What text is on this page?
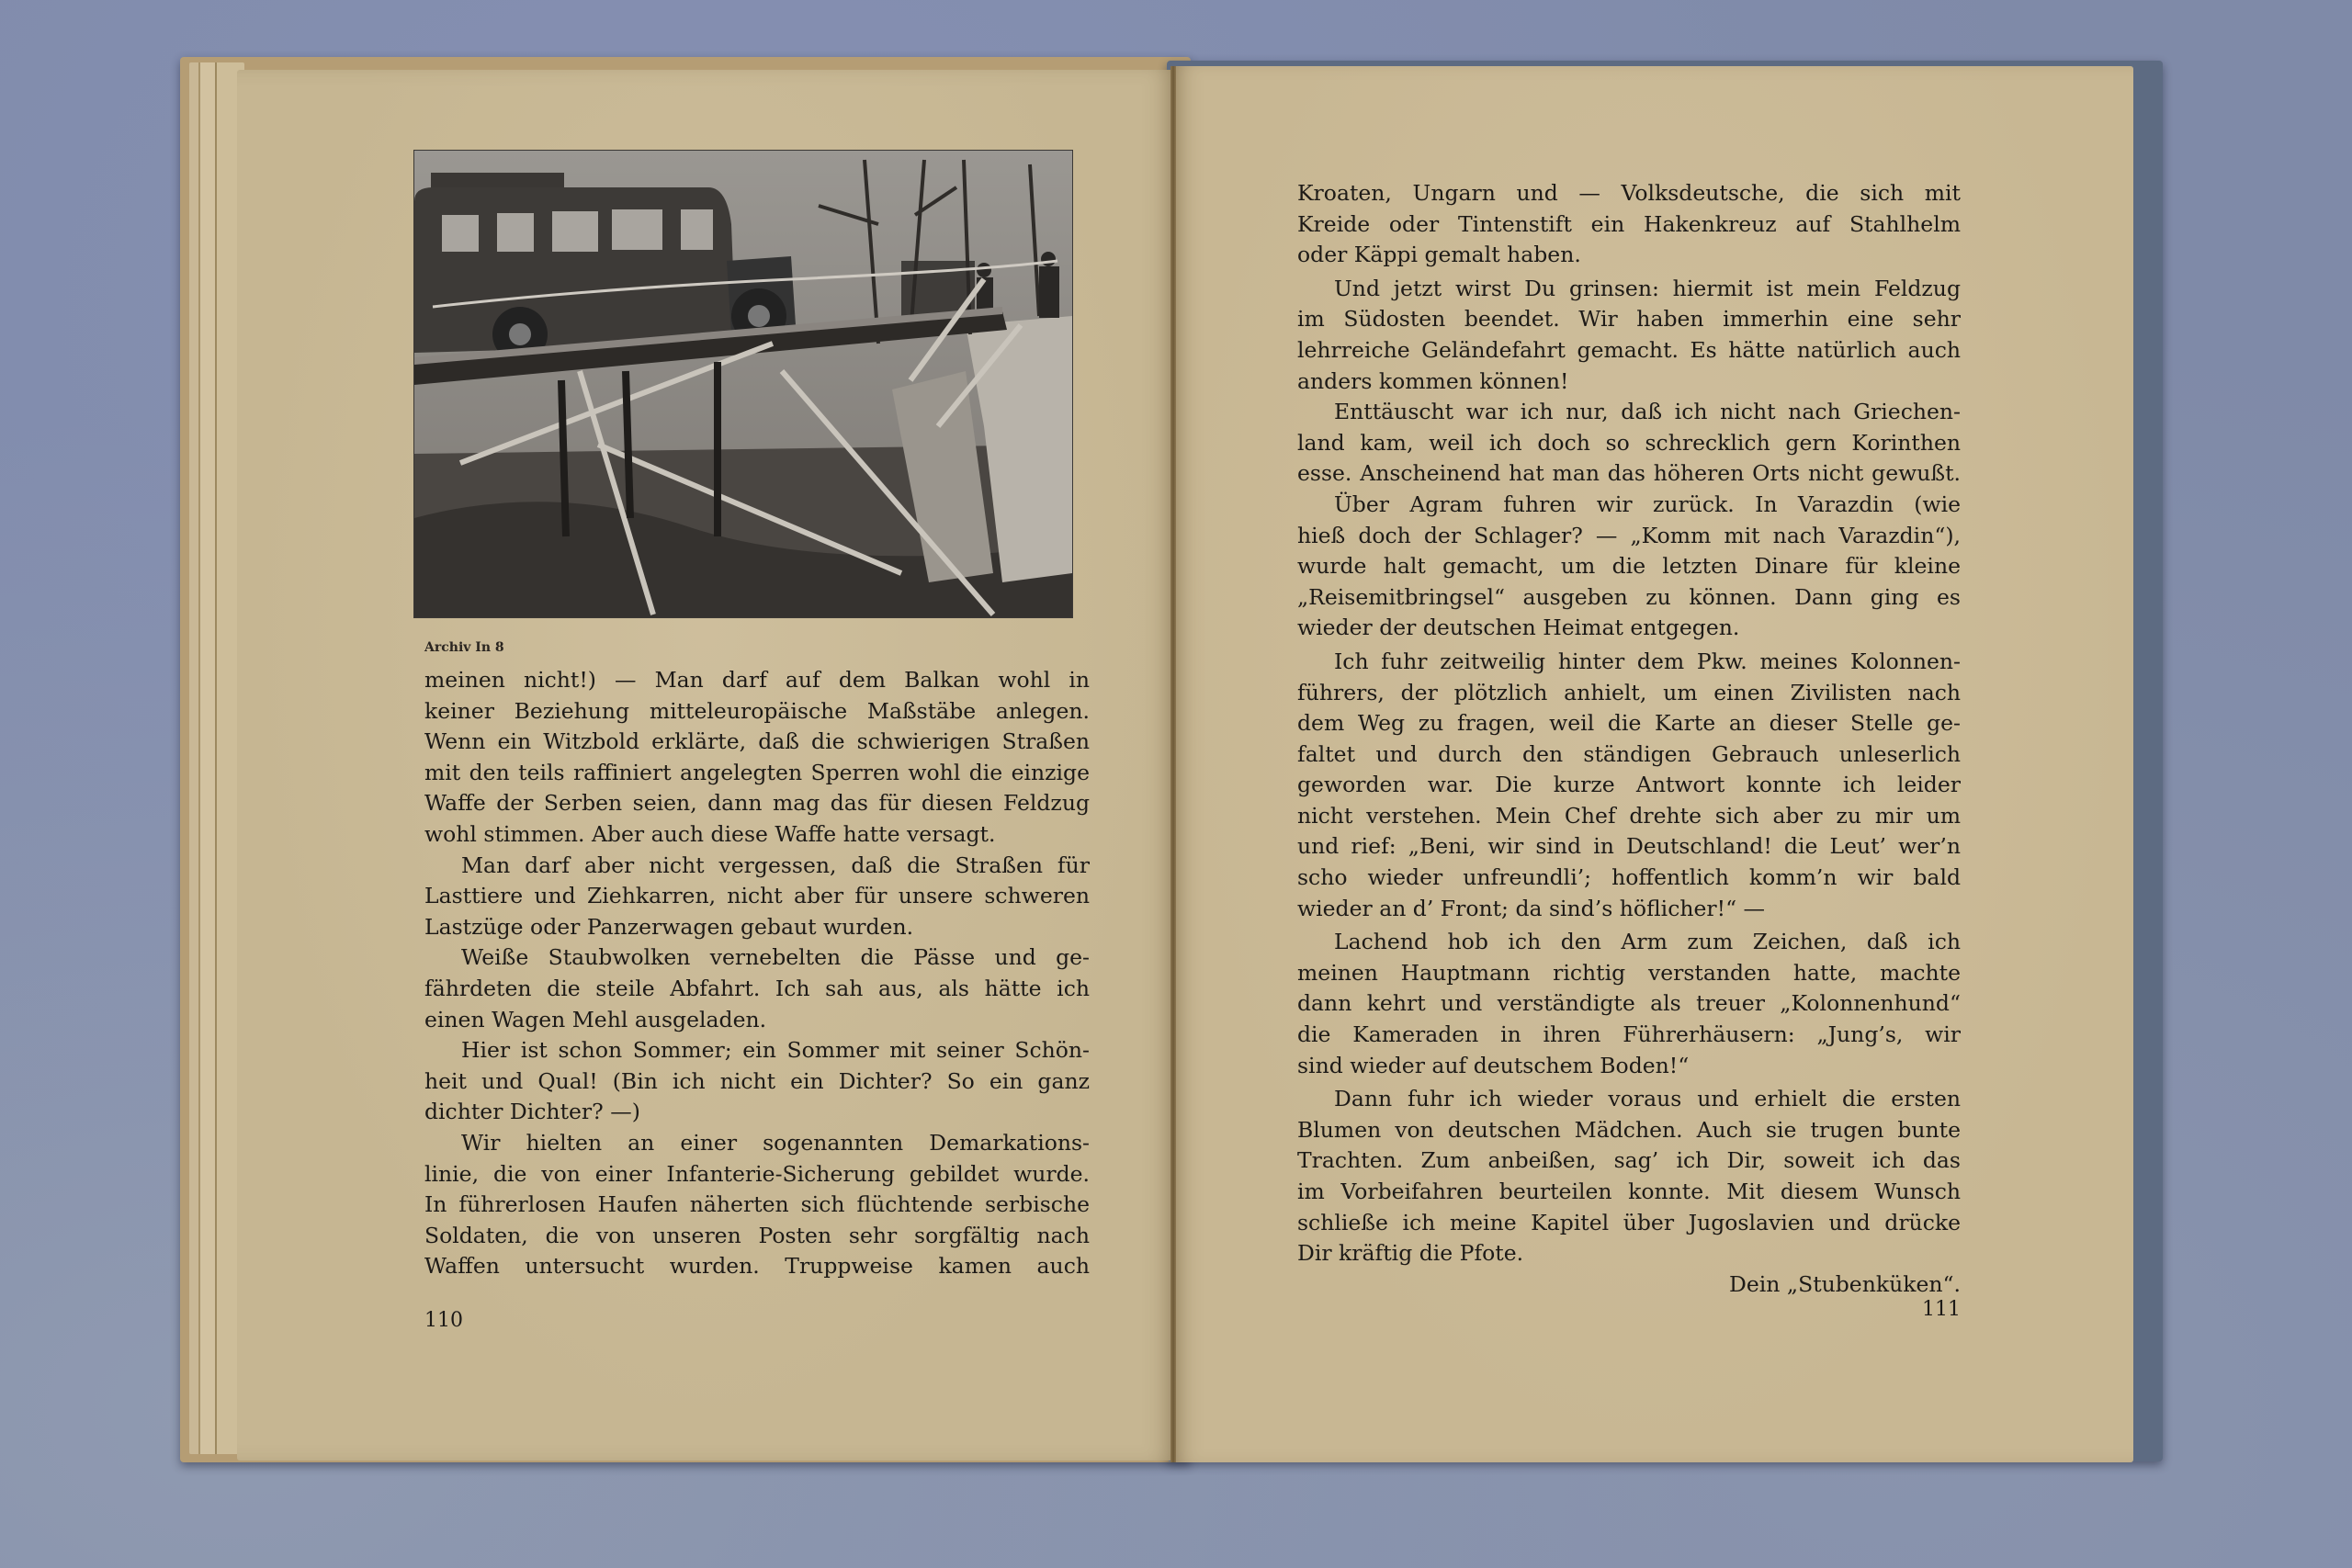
Archiv In 8

meinen nicht!) — Man darf auf dem Balkan wohl in

keiner Beziehung mitteleuropäische Maßstäbe anlegen.

Wenn ein Witzbold erklärte, daß die schwierigen Straßen

mit den teils raffiniert angelegten Sperren wohl die einzige

Waffe der Serben seien, dann mag das für diesen Feldzug

wohl stimmen. Aber auch diese Waffe hatte versagt.

Man darf aber nicht vergessen, daß die Straßen für

Lasttiere und Ziehkarren, nicht aber für unsere schweren

Lastzüge oder Panzerwagen gebaut wurden.

Weiße Staubwolken vernebelten die Pässe und ge-

fährdeten die steile Abfahrt. Ich sah aus, als hätte ich

einen Wagen Mehl ausgeladen.

Hier ist schon Sommer; ein Sommer mit seiner Schön-

heit und Qual! (Bin ich nicht ein Dichter? So ein ganz

dichter Dichter? —)

Wir hielten an einer sogenannten Demarkations-

linie, die von einer Infanterie-Sicherung gebildet wurde.

In führerlosen Haufen näherten sich flüchtende serbische

Soldaten, die von unseren Posten sehr sorgfältig nach

Waffen untersucht wurden. Truppweise kamen auch

110

Kroaten, Ungarn und — Volksdeutsche, die sich mit

Kreide oder Tintenstift ein Hakenkreuz auf Stahlhelm

oder Käppi gemalt haben.

Und jetzt wirst Du grinsen: hiermit ist mein Feldzug

im Südosten beendet. Wir haben immerhin eine sehr

lehrreiche Geländefahrt gemacht. Es hätte natürlich auch

anders kommen können!

Enttäuscht war ich nur, daß ich nicht nach Griechen-

land kam, weil ich doch so schrecklich gern Korinthen

esse. Anscheinend hat man das höheren Orts nicht gewußt.

Über Agram fuhren wir zurück. In Varazdin (wie

hieß doch der Schlager? — „Komm mit nach Varazdin“),

wurde halt gemacht, um die letzten Dinare für kleine

„Reisemitbringsel“ ausgeben zu können. Dann ging es

wieder der deutschen Heimat entgegen.

Ich fuhr zeitweilig hinter dem Pkw. meines Kolonnen-

führers, der plötzlich anhielt, um einen Zivilisten nach

dem Weg zu fragen, weil die Karte an dieser Stelle ge-

faltet und durch den ständigen Gebrauch unleserlich

geworden war. Die kurze Antwort konnte ich leider

nicht verstehen. Mein Chef drehte sich aber zu mir um

und rief: „Beni, wir sind in Deutschland! die Leut’ wer’n

scho wieder unfreundli’; hoffentlich komm’n wir bald

wieder an d’ Front; da sind’s höflicher!“ —

Lachend hob ich den Arm zum Zeichen, daß ich

meinen Hauptmann richtig verstanden hatte, machte

dann kehrt und verständigte als treuer „Kolonnenhund“

die Kameraden in ihren Führerhäusern: „Jung’s, wir

sind wieder auf deutschem Boden!“

Dann fuhr ich wieder voraus und erhielt die ersten

Blumen von deutschen Mädchen. Auch sie trugen bunte

Trachten. Zum anbeißen, sag’ ich Dir, soweit ich das

im Vorbeifahren beurteilen konnte. Mit diesem Wunsch

schließe ich meine Kapitel über Jugoslavien und drücke

Dir kräftig die Pfote.

Dein „Stubenküken“.

111
